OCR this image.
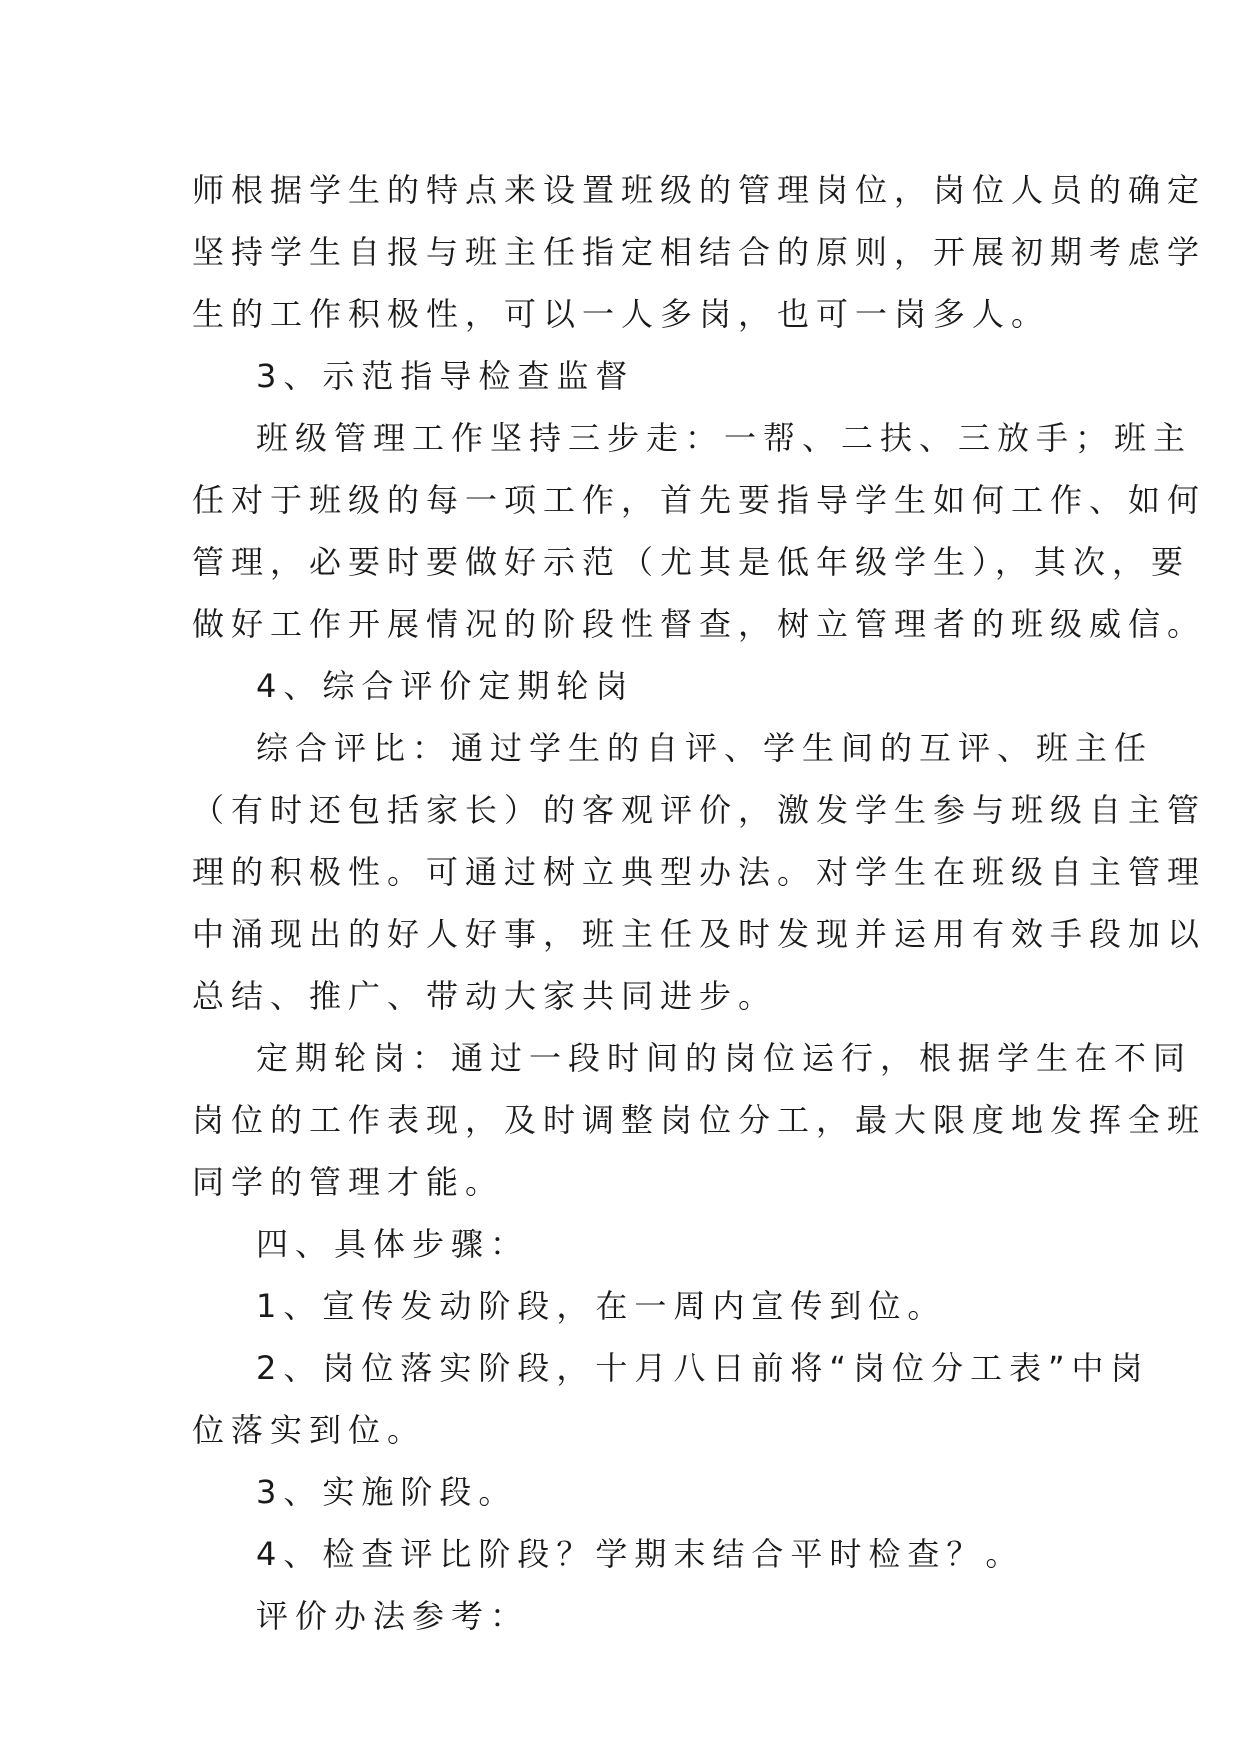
师根据学生的特点来设置班级的管理岗位，岗位人员的确定
坚持学生自报与班主任指定相结合的原则，开展初期考虑学
生的工作积极性，可以一人多岗，也可一岗多人。
3、示范指导检查监督
班级管理工作坚持三步走：一帮、二扶、三放手；班主
任对于班级的每一项工作，首先要指导学生如何工作、如何
管理，必要时要做好示范（尤其是低年级学生），其次，要
做好工作开展情况的阶段性督查，树立管理者的班级威信。
4、综合评价定期轮岗
综合评比：通过学生的自评、学生间的互评、班主任
（有时还包括家长）的客观评价，激发学生参与班级自主管
理的积极性。可通过树立典型办法。对学生在班级自主管理
中涌现出的好人好事，班主任及时发现并运用有效手段加以
总结、推广、带动大家共同进步。
定期轮岗：通过一段时间的岗位运行，根据学生在不同
岗位的工作表现，及时调整岗位分工，最大限度地发挥全班
同学的管理才能。
四、具体步骤：
1、宣传发动阶段，在一周内宣传到位。
2、岗位落实阶段，十月八日前将“岗位分工表”中岗
位落实到位。
3、实施阶段。
4、检查评比阶段？学期末结合平时检查？。
评价办法参考：
